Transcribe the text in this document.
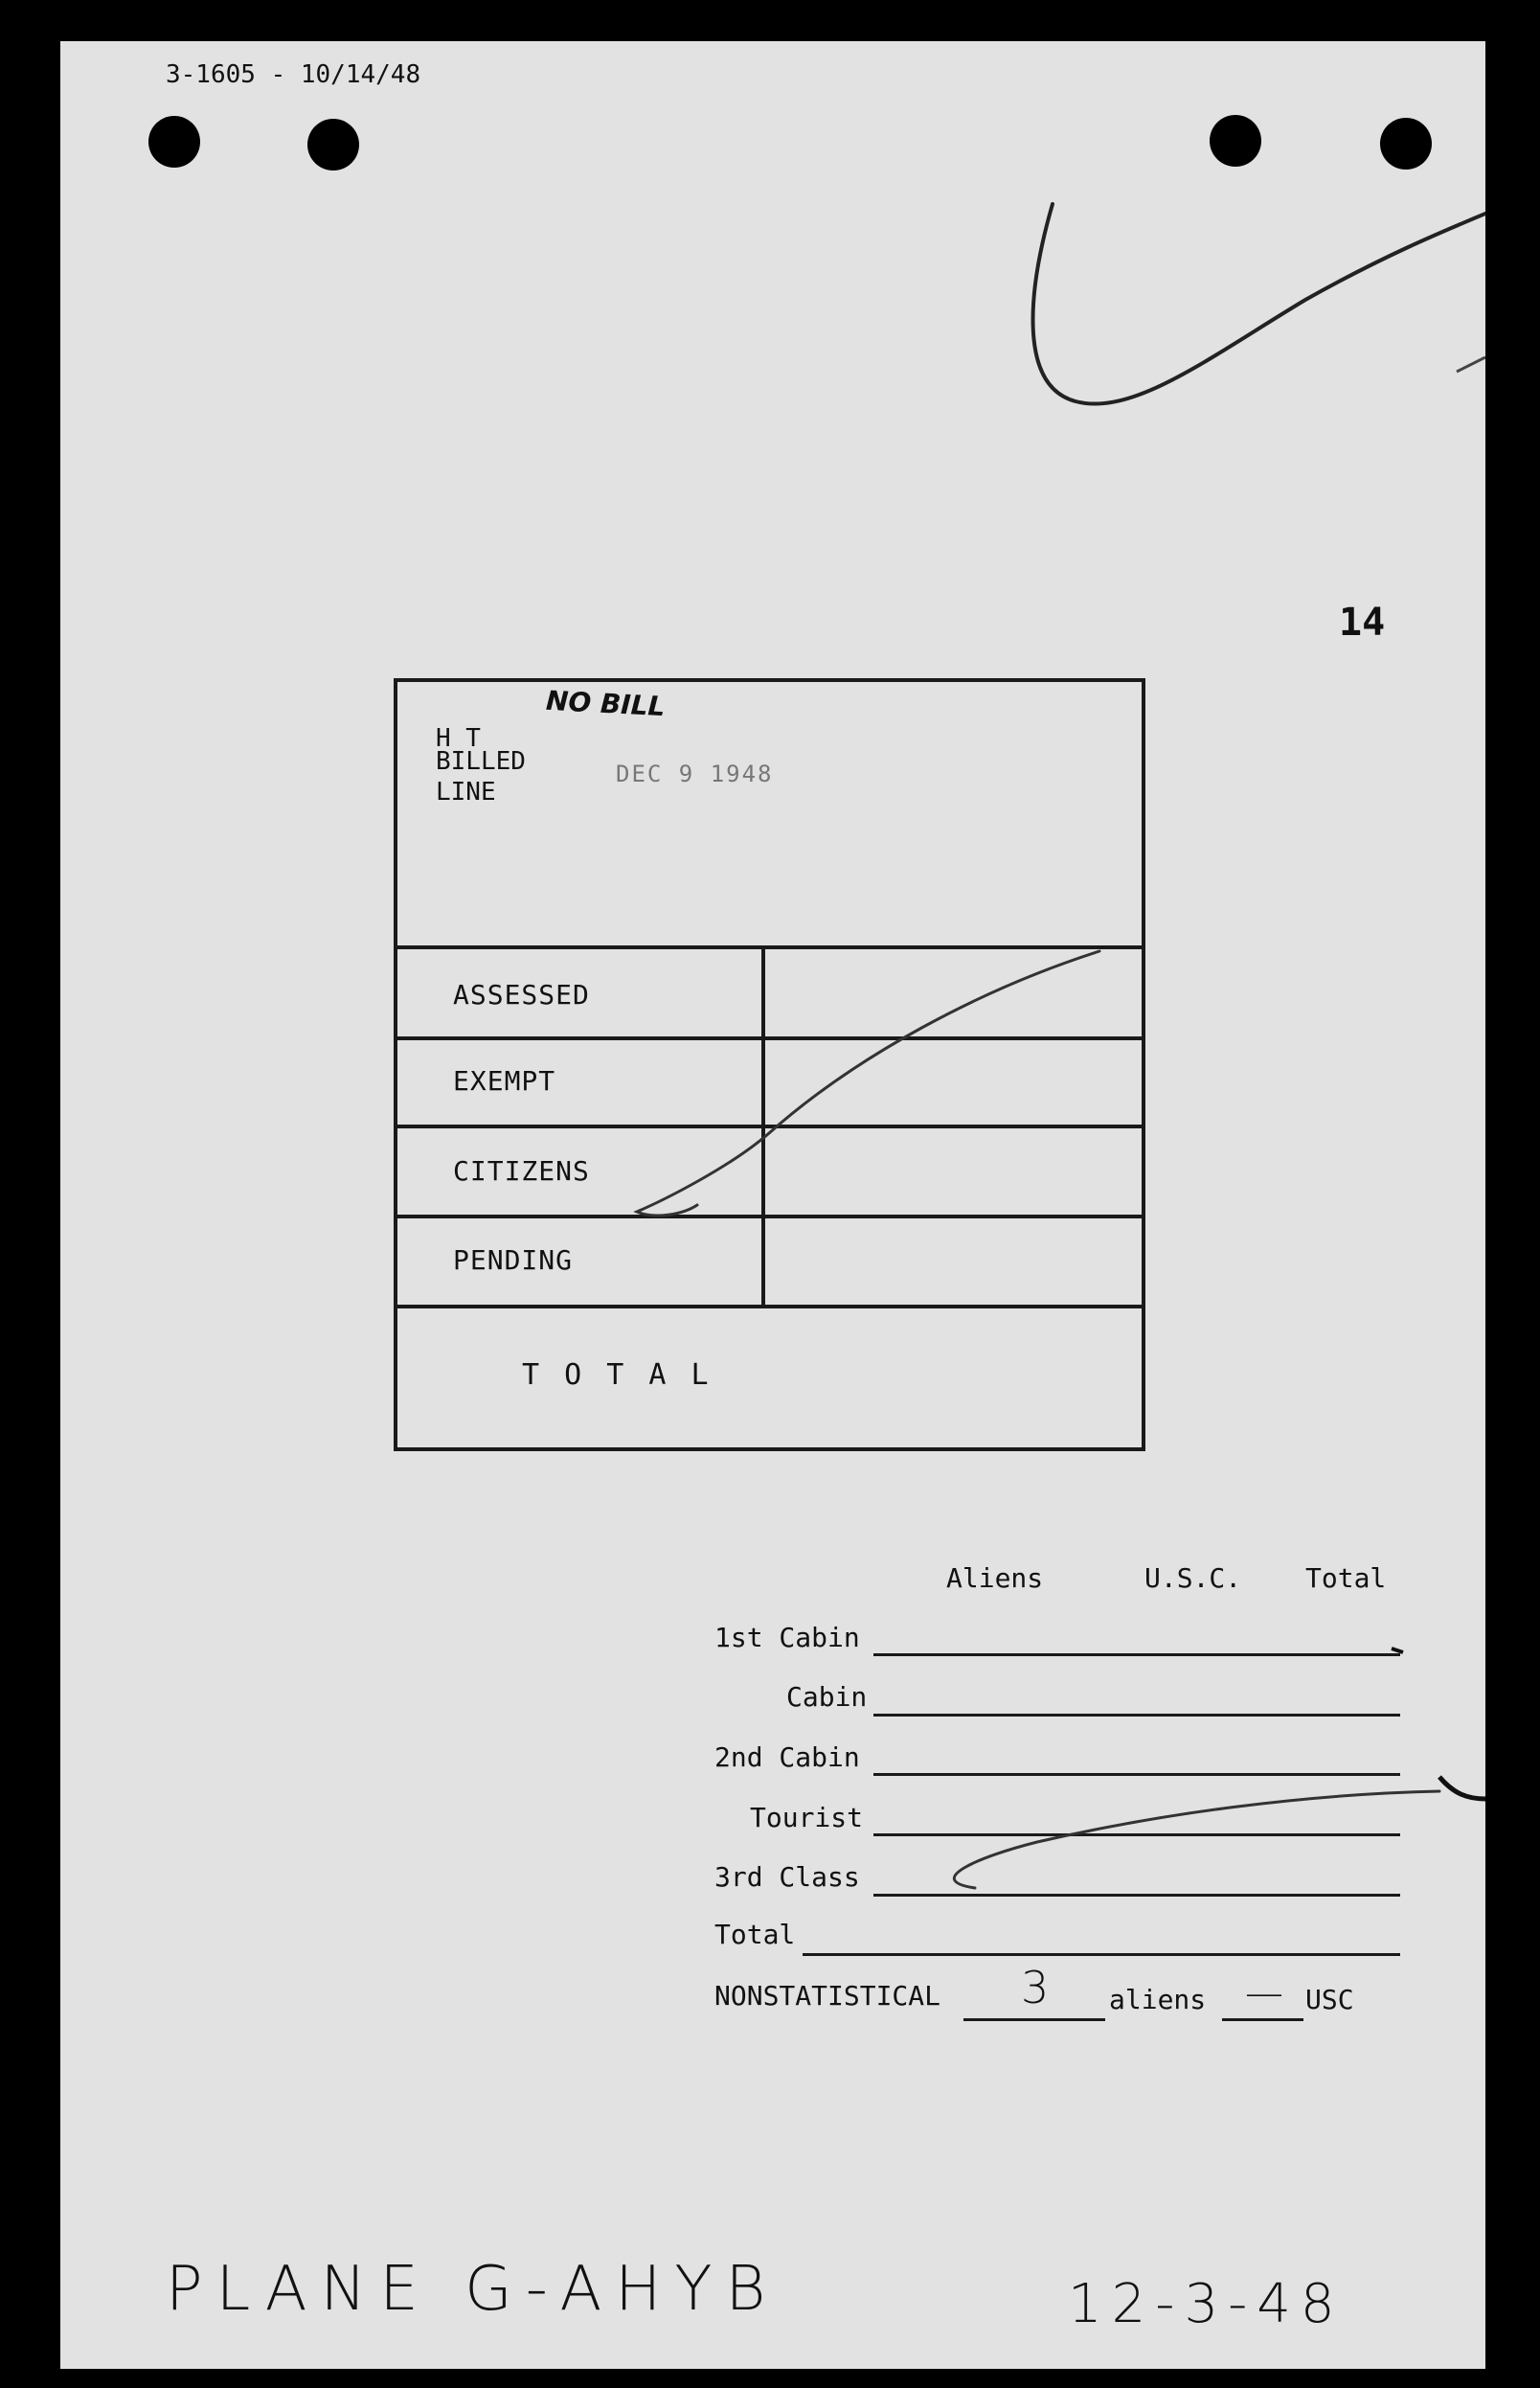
3-1605 - 10/14/48
14
NO BILL
H T
BILLED
LINE
DEC 9 1948
ASSESSED
EXEMPT
CITIZENS
PENDING
T O T A L
Aliens	U.S.C. Total
1st Cabin
Cabin
2nd Cabin
Tourist
3rd Class
Total
NONSTATISTICAL 3 aliens — USC
PLANE G-AHYB	12-3-48
